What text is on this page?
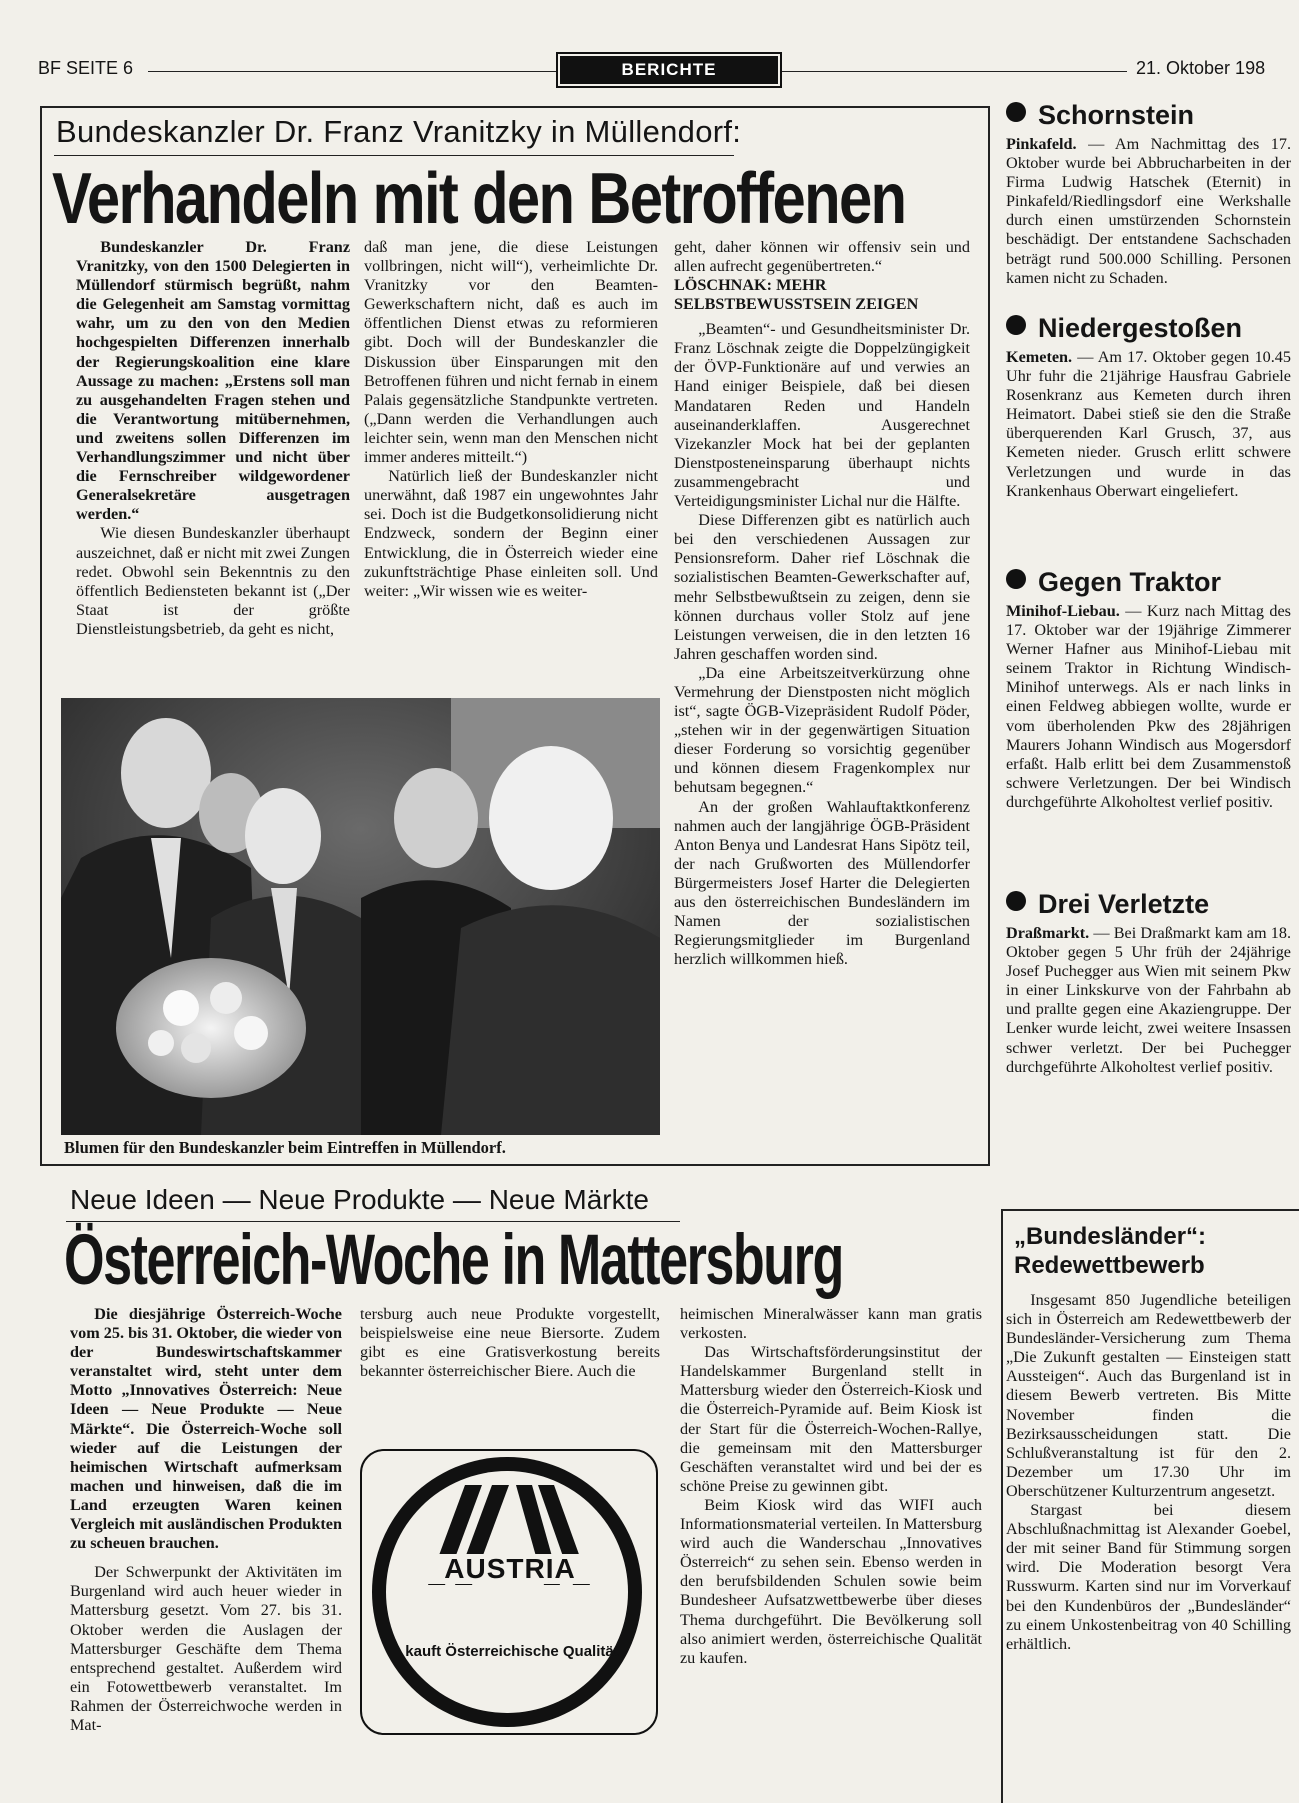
BF SEITE 6	BERICHTE	21. Oktober 198
Bundeskanzler Dr. Franz Vranitzky in Müllendorf:
Verhandeln mit den Betroffenen

Bundeskanzler Dr. Franz Vranitzky, von den 1500 Delegierten in Müllendorf stürmisch begrüßt, nahm die Gelegenheit am Samstag vormittag wahr, um zu den von den Medien hochgespielten Differenzen innerhalb der Regierungskoalition eine klare Aussage zu machen: „Erstens soll man zu ausgehandelten Fragen stehen und die Verantwortung mitübernehmen, und zweitens sollen Differenzen im Verhandlungszimmer und nicht über die Fernschreiber wildgewordener Generalsekretäre ausgetragen werden.“

Wie diesen Bundeskanzler überhaupt auszeichnet, daß er nicht mit zwei Zungen redet. Obwohl sein Bekenntnis zu den öffentlich Bediensteten bekannt ist („Der Staat ist der größte Dienstleistungsbetrieb, da geht es nicht,

daß man jene, die diese Leistungen vollbringen, nicht will“), verheimlichte Dr. Vranitzky vor den Beamten-Gewerkschaftern nicht, daß es auch im öffentlichen Dienst etwas zu reformieren gibt. Doch will der Bundeskanzler die Diskussion über Einsparungen mit den Betroffenen führen und nicht fernab in einem Palais gegensätzliche Standpunkte vertreten. („Dann werden die Verhandlungen auch leichter sein, wenn man den Menschen nicht immer anderes mitteilt.“)

Natürlich ließ der Bundeskanzler nicht unerwähnt, daß 1987 ein ungewohntes Jahr sei. Doch ist die Budgetkonsolidierung nicht Endzweck, sondern der Beginn einer Entwicklung, die in Österreich wieder eine zukunftsträchtige Phase einleiten soll. Und weiter: „Wir wissen wie es weiter-

geht, daher können wir offensiv sein und allen aufrecht gegenübertreten.“

LÖSCHNAK: MEHR SELBSTBEWUSSTSEIN ZEIGEN

„Beamten“- und Gesundheitsminister Dr. Franz Löschnak zeigte die Doppelzüngigkeit der ÖVP-Funktionäre auf und verwies an Hand einiger Beispiele, daß bei diesen Mandataren Reden und Handeln auseinanderklaffen. Ausgerechnet Vizekanzler Mock hat bei der geplanten Dienstposteneinsparung überhaupt nichts zusammengebracht und Verteidigungsminister Lichal nur die Hälfte.

Diese Differenzen gibt es natürlich auch bei den verschiedenen Aussagen zur Pensionsreform. Daher rief Löschnak die sozialistischen Beamten-Gewerkschafter auf, mehr Selbstbewußtsein zu zeigen, denn sie können durchaus voller Stolz auf jene Leistungen verweisen, die in den letzten 16 Jahren geschaffen worden sind.

„Da eine Arbeitszeitverkürzung ohne Vermehrung der Dienstposten nicht möglich ist“, sagte ÖGB-Vizepräsident Rudolf Pöder, „stehen wir in der gegenwärtigen Situation dieser Forderung so vorsichtig gegenüber und können diesem Fragenkomplex nur behutsam begegnen.“

An der großen Wahlauftaktkonferenz nahmen auch der langjährige ÖGB-Präsident Anton Benya und Landesrat Hans Sipötz teil, der nach Grußworten des Müllendorfer Bürgermeisters Josef Harter die Delegierten aus den österreichischen Bundesländern im Namen der sozialistischen Regierungsmitglieder im Burgenland herzlich willkommen hieß.

Blumen für den Bundeskanzler beim Eintreffen in Müllendorf.
Neue Ideen — Neue Produkte — Neue Märkte
Österreich-Woche in Mattersburg

Die diesjährige Österreich-Woche vom 25. bis 31. Oktober, die wieder von der Bundeswirtschaftskammer veranstaltet wird, steht unter dem Motto „Innovatives Österreich: Neue Ideen — Neue Produkte — Neue Märkte“. Die Österreich-Woche soll wieder auf die Leistungen der heimischen Wirtschaft aufmerksam machen und hinweisen, daß die im Land erzeugten Waren keinen Vergleich mit ausländischen Produkten zu scheuen brauchen.

Der Schwerpunkt der Aktivitäten im Burgenland wird auch heuer wieder in Mattersburg gesetzt. Vom 27. bis 31. Oktober werden die Auslagen der Mattersburger Geschäfte dem Thema entsprechend gestaltet. Außerdem wird ein Fotowettbewerb veranstaltet. Im Rahmen der Österreichwoche werden in Mat-

tersburg auch neue Produkte vorgestellt, beispielsweise eine neue Biersorte. Zudem gibt es eine Gratisverkostung bereits bekannter österreichischer Biere. Auch die

heimischen Mineralwässer kann man gratis verkosten.

Das Wirtschaftsförderungsinstitut der Handelskammer Burgenland stellt in Mattersburg wieder den Österreich-Kiosk und die Österreich-Pyramide auf. Beim Kiosk ist der Start für die Österreich-Wochen-Rallye, die gemeinsam mit den Mattersburger Geschäften veranstaltet wird und bei der es schöne Preise zu gewinnen gibt.

Beim Kiosk wird das WIFI auch Informationsmaterial verteilen. In Mattersburg wird auch die Wanderschau „Innovatives Österreich“ zu sehen sein. Ebenso werden in den berufsbildenden Schulen sowie beim Bundesheer Aufsatzwettbewerbe über dieses Thema durchgeführt. Die Bevölkerung soll also animiert werden, österreichische Qualität zu kaufen.

AUSTRIA
kauft Österreichische Qualität
Schornstein

Pinkafeld. — Am Nachmittag des 17. Oktober wurde bei Abbrucharbeiten in der Firma Ludwig Hatschek (Eternit) in Pinkafeld/Riedlingsdorf eine Werkshalle durch einen umstürzenden Schornstein beschädigt. Der entstandene Sachschaden beträgt rund 500.000 Schilling. Personen kamen nicht zu Schaden.

Niedergestoßen

Kemeten. — Am 17. Oktober gegen 10.45 Uhr fuhr die 21jährige Hausfrau Gabriele Rosenkranz aus Kemeten durch ihren Heimatort. Dabei stieß sie den die Straße überquerenden Karl Grusch, 37, aus Kemeten nieder. Grusch erlitt schwere Verletzungen und wurde in das Krankenhaus Oberwart eingeliefert.

Gegen Traktor

Minihof-Liebau. — Kurz nach Mittag des 17. Oktober war der 19jährige Zimmerer Werner Hafner aus Minihof-Liebau mit seinem Traktor in Richtung Windisch-Minihof unterwegs. Als er nach links in einen Feldweg abbiegen wollte, wurde er vom überholenden Pkw des 28jährigen Maurers Johann Windisch aus Mogersdorf erfaßt. Halb erlitt bei dem Zusammenstoß schwere Verletzungen. Der bei Windisch durchgeführte Alkoholtest verlief positiv.

Drei Verletzte

Draßmarkt. — Bei Draßmarkt kam am 18. Oktober gegen 5 Uhr früh der 24jährige Josef Puchegger aus Wien mit seinem Pkw in einer Linkskurve von der Fahrbahn ab und prallte gegen eine Akaziengruppe. Der Lenker wurde leicht, zwei weitere Insassen schwer verletzt. Der bei Puchegger durchgeführte Alkoholtest verlief positiv.

„Bundesländer“:
Redewettbewerb

Insgesamt 850 Jugendliche beteiligen sich in Österreich am Redewettbewerb der Bundesländer-Versicherung zum Thema „Die Zukunft gestalten — Einsteigen statt Aussteigen“. Auch das Burgenland ist in diesem Bewerb vertreten. Bis Mitte November finden die Bezirksausscheidungen statt. Die Schlußveranstaltung ist für den 2. Dezember um 17.30 Uhr im Oberschützener Kulturzentrum angesetzt.

Stargast bei diesem Abschlußnachmittag ist Alexander Goebel, der mit seiner Band für Stimmung sorgen wird. Die Moderation besorgt Vera Russwurm. Karten sind nur im Vorverkauf bei den Kundenbüros der „Bundesländer“ zu einem Unkostenbeitrag von 40 Schilling erhältlich.
